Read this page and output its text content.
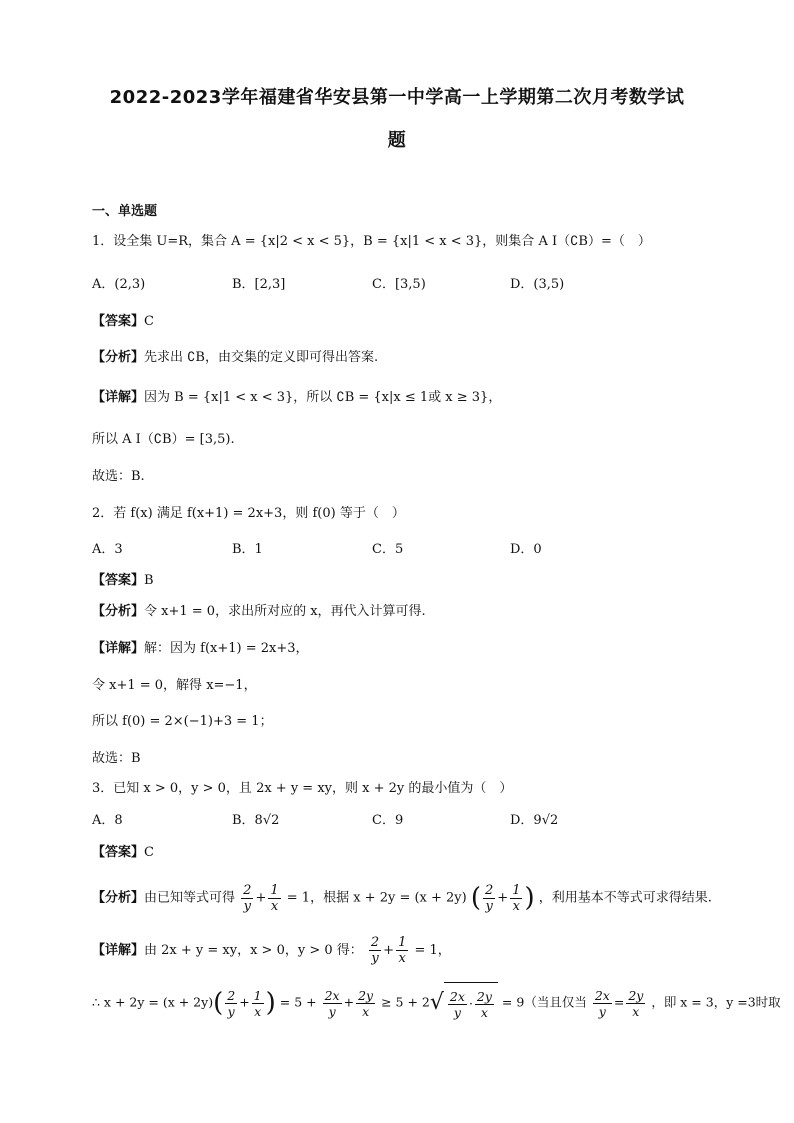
2022-2023学年福建省华安县第一中学高一上学期第二次月考数学试
题
一、单选题
1．设全集 U=R，集合 A = {x|2 < x < 5}，B = {x|1 < x < 3}，则集合 A I（∁B）=（　）
A．(2,3)	B．[2,3]	C．[3,5)	D．(3,5)
【答案】C
【分析】先求出 ∁B，由交集的定义即可得出答案.
【详解】因为 B = {x|1 < x < 3}，所以 ∁B = {x|x ≤ 1或 x ≥ 3}，
所以 A I（∁B）= [3,5).
故选：B.
2．若 f(x) 满足 f(x+1) = 2x+3，则 f(0) 等于（　）
A．3	B．1	C．5	D．0
【答案】B
【分析】令 x+1 = 0，求出所对应的 x，再代入计算可得.
【详解】解：因为 f(x+1) = 2x+3，
令 x+1 = 0，解得 x=−1，
所以 f(0) = 2×(−1)+3 = 1；
故选：B
3．已知 x > 0，y > 0，且 2x + y = xy，则 x + 2y 的最小值为（　）
A．8	B．8√2	C．9	D．9√2
【答案】C
【分析】由已知等式可得 $\frac{2}{y} + \frac{1}{x} = 1$，根据 x + 2y = (x + 2y) ( $\frac{2}{y} + \frac{1}{x}$ ) ，利用基本不等式可求得结果.
【详解】由 2x + y = xy，x > 0，y > 0 得： $\frac{2}{y} + \frac{1}{x} = 1$，
∴ $x + 2y = (x + 2y)( \frac{2}{y} + \frac{1}{x}$ ) = $5 + \frac{2x}{y} + \frac{2y}{x} \ge 5 + 2√ \frac{2x}{y} \cdot \frac{2y}{x} = 9$（当且仅当 $\frac{2x}{y} = \frac{2y}{x}$ ，即 x = 3，y =3时取
